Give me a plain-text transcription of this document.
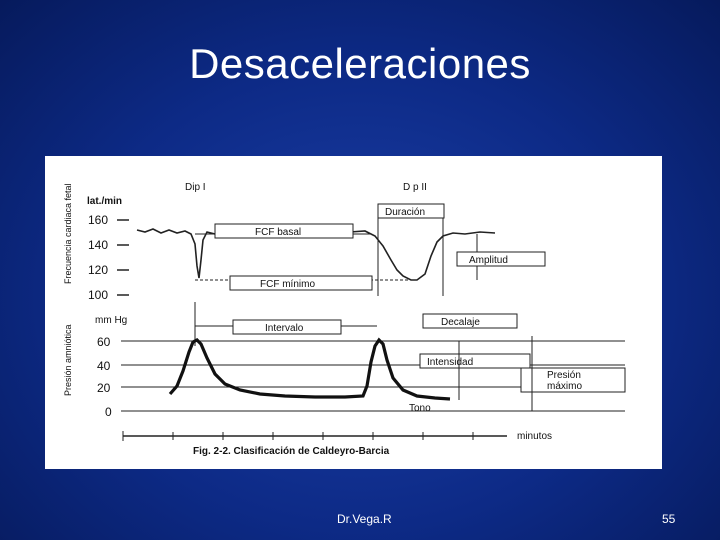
Desaceleraciones
Dip I	D p II
lat./min
Frecuencia cardiaca fetal 160
140
120
100
Duración
FCF basal
Amplitud
FCF mínimo
mm Hg
Presión amniótica 60
40
20
0
Intervalo
Decalaje
Intensidad
Presión
máximo
Tono
minutos
Fig. 2-2. Clasificación de Caldeyro-Barcia
Dr.Vega.R	55
